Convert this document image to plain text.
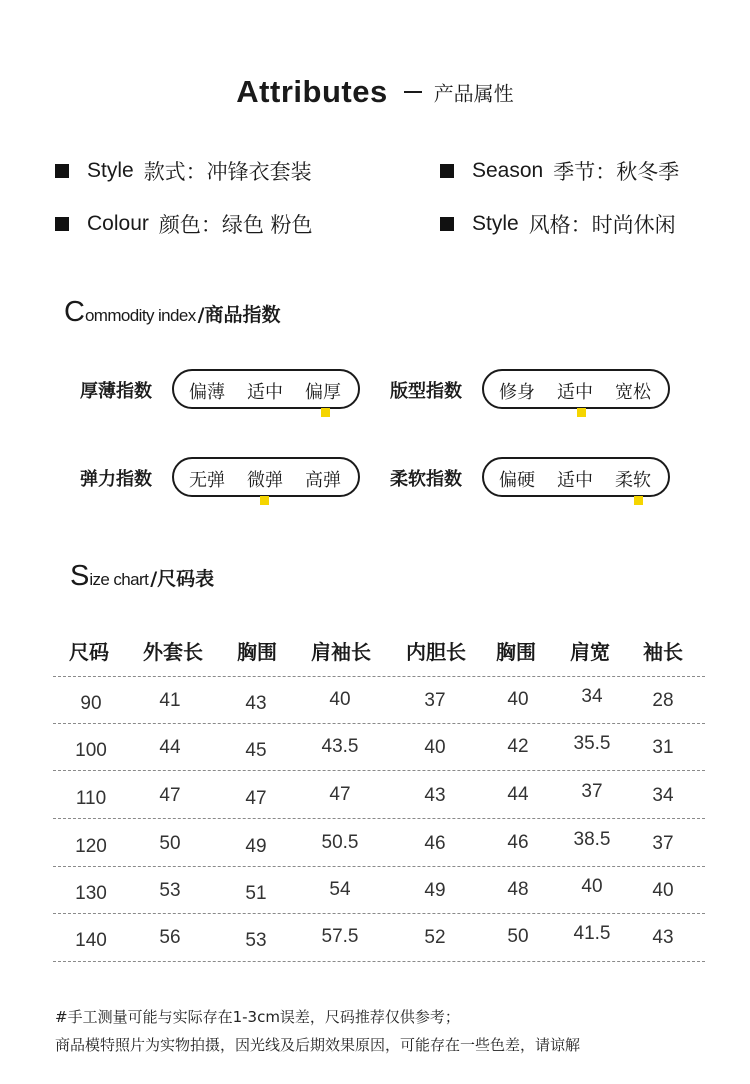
Attributes 产品属性
Style 款式：冲锋衣套装	Season 季节：秋冬季
Colour 颜色：绿色 粉色	Style 风格：时尚休闲
C ommodity index /商品指数
厚薄指数	偏薄	适中	偏厚	版型指数	修身	适中	宽松
弹力指数	无弹	微弹	高弹	柔软指数	偏硬	适中	柔软
S ize chart /尺码表
尺码 外套长 胸围 肩袖长 内胆长 胸围 肩宽 袖长
90	41	43	40	37	40	34	28
100	44	45	43.5	40	42 35.5 31
110	47	47	47	43	44	37	34
120	50	49	50.5	46	46 38.5 37
130	53	51	54	49	48	40	40
140	56	53	57.5	52	50 41.5 43
#手工测量可能与实际存在1-3cm误差，尺码推荐仅供参考；
商品模特照片为实物拍摄，因光线及后期效果原因，可能存在一些色差，请谅解
